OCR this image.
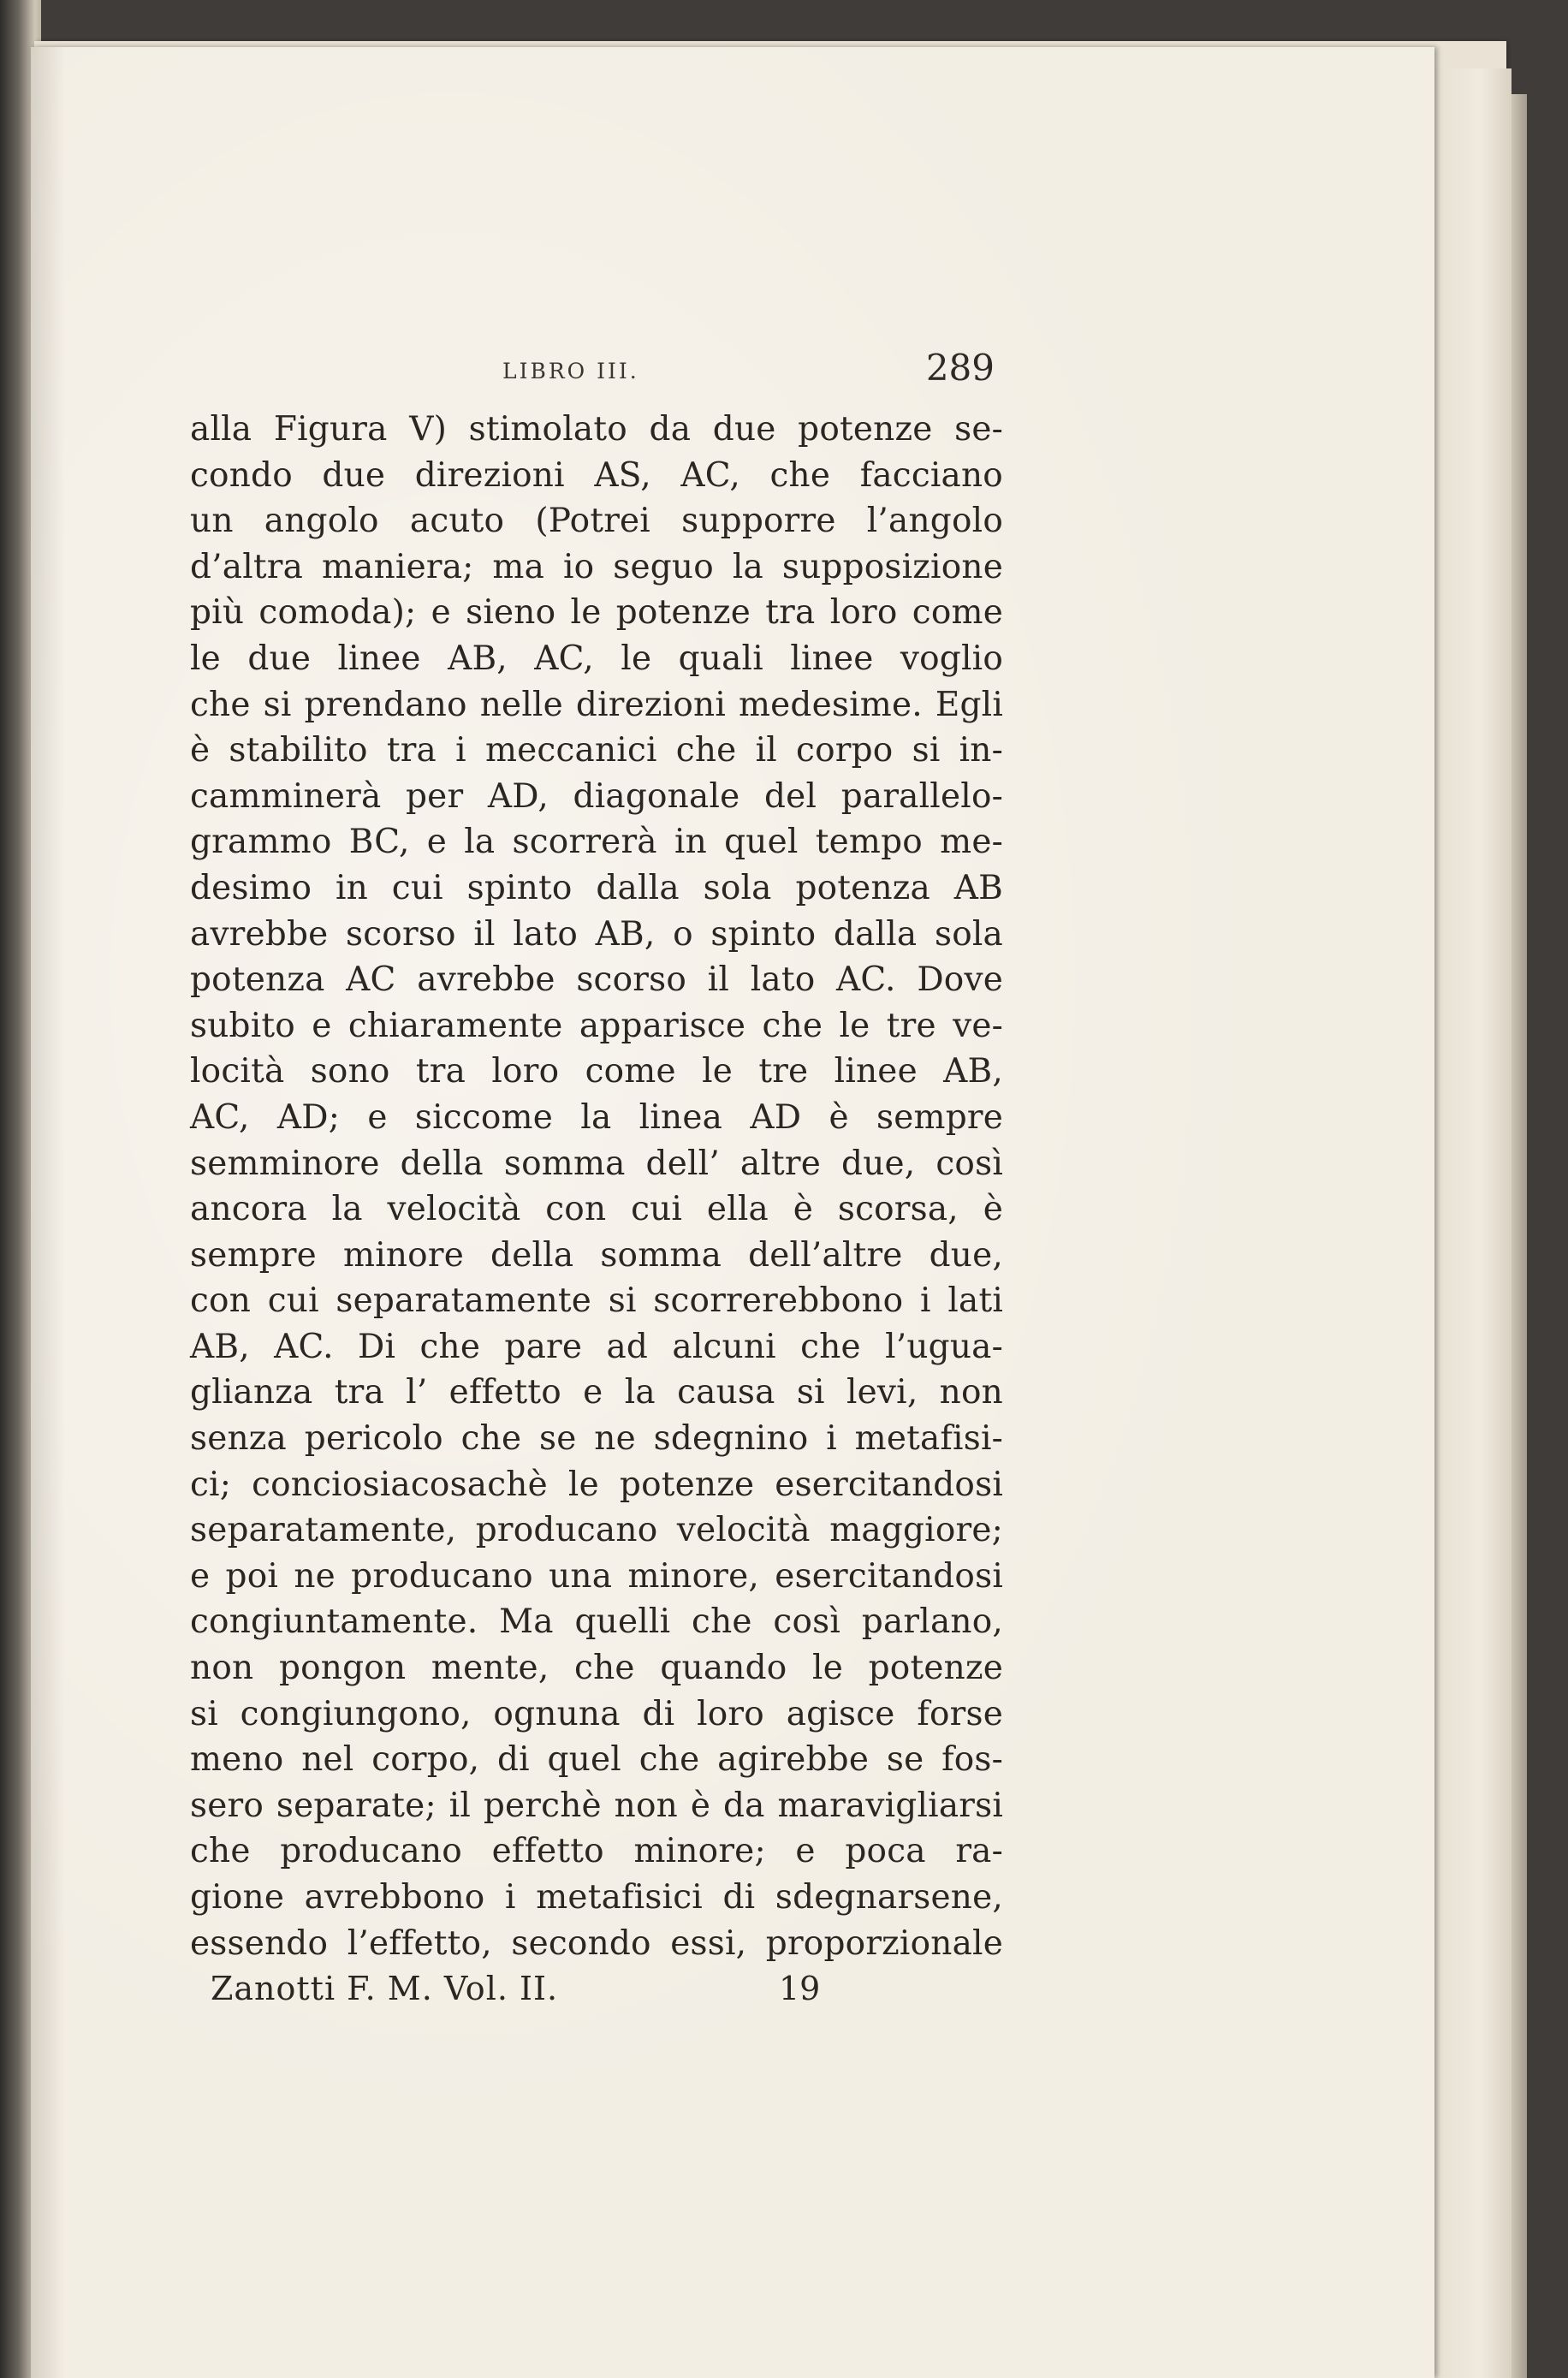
LIBRO III.	289
alla Figura V) stimolato da due potenze se-
condo due direzioni AS, AC, che facciano
un angolo acuto (Potrei supporre l’angolo
d’altra maniera; ma io seguo la supposizione
più comoda); e sieno le potenze tra loro come
le due linee AB, AC, le quali linee voglio
che si prendano nelle direzioni medesime. Egli
è stabilito tra i meccanici che il corpo si in-
camminerà per AD, diagonale del parallelo-
grammo BC, e la scorrerà in quel tempo me-
desimo in cui spinto dalla sola potenza AB
avrebbe scorso il lato AB, o spinto dalla sola
potenza AC avrebbe scorso il lato AC. Dove
subito e chiaramente apparisce che le tre ve-
locità sono tra loro come le tre linee AB,
AC, AD; e siccome la linea AD è sempre
semminore della somma dell’ altre due, così
ancora la velocità con cui ella è scorsa, è
sempre minore della somma dell’altre due,
con cui separatamente si scorrerebbono i lati
AB, AC. Di che pare ad alcuni che l’ugua-
glianza tra l’ effetto e la causa si levi, non
senza pericolo che se ne sdegnino i metafisi-
ci; conciosiacosachè le potenze esercitandosi
separatamente, producano velocità maggiore;
e poi ne producano una minore, esercitandosi
congiuntamente. Ma quelli che così parlano,
non pongon mente, che quando le potenze
si congiungono, ognuna di loro agisce forse
meno nel corpo, di quel che agirebbe se fos-
sero separate; il perchè non è da maravigliarsi
che producano effetto minore; e poca ra-
gione avrebbono i metafisici di sdegnarsene,
essendo l’effetto, secondo essi, proporzionale
Zanotti F. M. Vol. II.	19
